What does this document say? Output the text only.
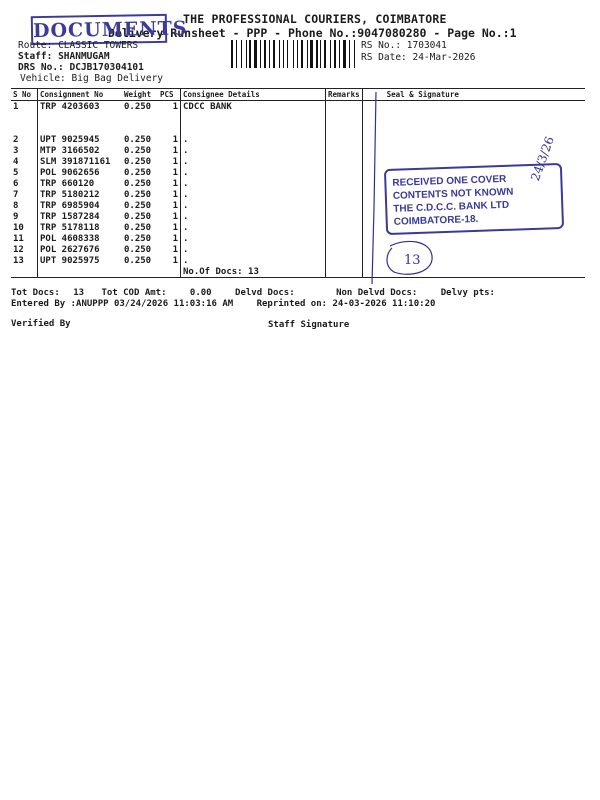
THE PROFESSIONAL COURIERS, COIMBATORE
Delivery Runsheet - PPP - Phone No.:9047080280 - Page No.:1
DOCUMENTS
Route: CLASSIC TOWERS
Staff: SHANMUGAM
DRS No.: DCJB170304101
Vehicle: Big Bag Delivery
RS No.: 1703041
RS Date: 24-Mar-2026
S No	Consignment No	Weight	PCS	Consignee Details	Remarks	Seal & Signature
1	TRP 4203603	0.250	1	CDCC BANK		

2	UPT 9025945	0.250	1	.		
3	MTP 3166502	0.250	1	.		
4	SLM 391871161	0.250	1	.		
5	POL 9062656	0.250	1	.		
6	TRP 660120	0.250	1	.		
7	TRP 5180212	0.250	1	.		
8	TRP 6985904	0.250	1	.		
9	TRP 1587284	0.250	1	.		
10	TRP 5178118	0.250	1	.		
11	POL 4608338	0.250	1	.		
12	POL 2627676	0.250	1	.		
13	UPT 9025975	0.250	1	.		
				No.Of Docs: 13		
RECEIVED ONE COVER
CONTENTS NOT KNOWN
THE C.D.C.C. BANK LTD
COIMBATORE-18.
13
24/3/26
Tot Docs: 13 Tot COD Amt:	0.00	Delvd Docs:	Non Delvd Docs:	Delvy pts:
Entered By :ANUPPP 03/24/2026 11:03:16 AM	Reprinted on: 24-03-2026 11:10:20
Verified By	Staff Signature
